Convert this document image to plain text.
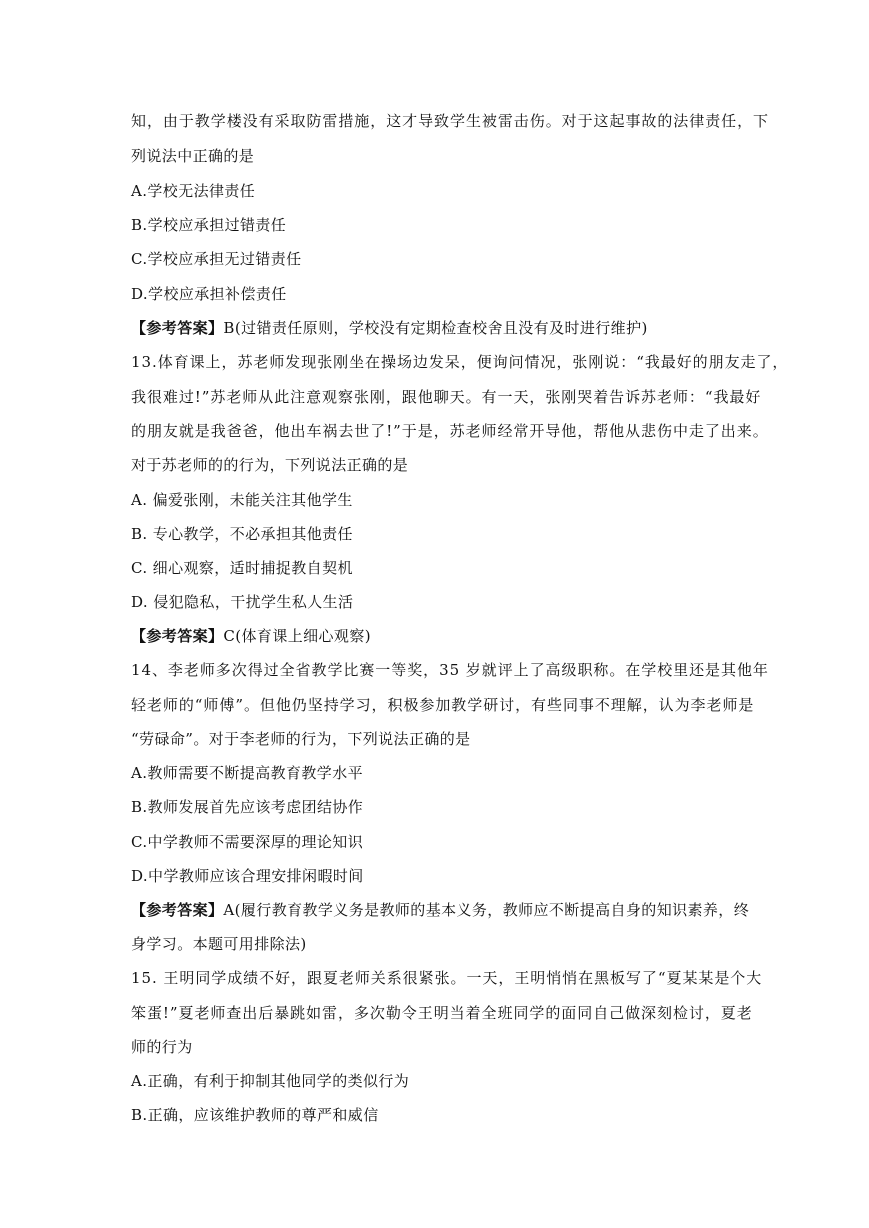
知，由于教学楼没有采取防雷措施，这才导致学生被雷击伤。对于这起事故的法律责任，下
列说法中正确的是
A.学校无法律责任
B.学校应承担过错责任
C.学校应承担无过错责任
D.学校应承担补偿责任
【参考答案】B(过错责任原则，学校没有定期检查校舍且没有及时进行维护)
13.体育课上，苏老师发现张刚坐在操场边发呆，便询问情况，张刚说：“我最好的朋友走了，
我很难过!”苏老师从此注意观察张刚，跟他聊天。有一天，张刚哭着告诉苏老师：“我最好
的朋友就是我爸爸，他出车祸去世了!”于是，苏老师经常开导他，帮他从悲伤中走了出来。
对于苏老师的的行为，下列说法正确的是
A. 偏爱张刚，未能关注其他学生
B. 专心教学，不必承担其他责任
C. 细心观察，适时捕捉教自契机
D. 侵犯隐私，干扰学生私人生活
【参考答案】C(体育课上细心观察)
14、李老师多次得过全省教学比赛一等奖，35 岁就评上了高级职称。在学校里还是其他年
轻老师的“师傅”。但他仍坚持学习，积极参加教学研讨，有些同事不理解，认为李老师是
“劳碌命”。对于李老师的行为，下列说法正确的是
A.教师需要不断提高教育教学水平
B.教师发展首先应该考虑团结协作
C.中学教师不需要深厚的理论知识
D.中学教师应该合理安排闲暇时间
【参考答案】A(履行教育教学义务是教师的基本义务，教师应不断提高自身的知识素养，终
身学习。本题可用排除法)
15. 王明同学成绩不好，跟夏老师关系很紧张。一天，王明悄悄在黑板写了“夏某某是个大
笨蛋!”夏老师查出后暴跳如雷，多次勒令王明当着全班同学的面同自己做深刻检讨，夏老
师的行为
A.正确，有利于抑制其他同学的类似行为
B.正确，应该维护教师的尊严和威信
